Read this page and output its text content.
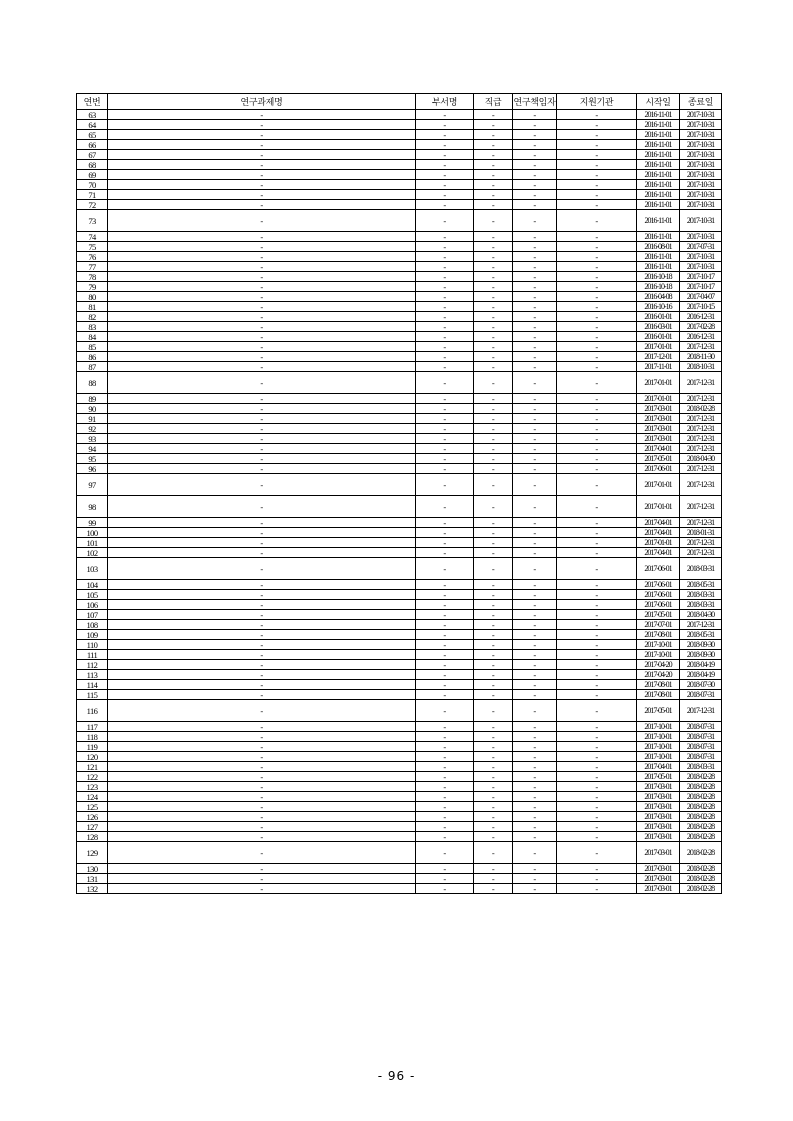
연번	연구과제명	부서명	직급	연구책임자	지원기관	시작일	종료일
63	-	-	-	-	-	2016-11-01	2017-10-31
64	-	-	-	-	-	2016-11-01	2017-10-31
65	-	-	-	-	-	2016-11-01	2017-10-31
66	-	-	-	-	-	2016-11-01	2017-10-31
67	-	-	-	-	-	2016-11-01	2017-10-31
68	-	-	-	-	-	2016-11-01	2017-10-31
69	-	-	-	-	-	2016-11-01	2017-10-31
70	-	-	-	-	-	2016-11-01	2017-10-31
71	-	-	-	-	-	2016-11-01	2017-10-31
72	-	-	-	-	-	2016-11-01	2017-10-31
73	-	-	-	-	-	2016-11-01	2017-10-31
74	-	-	-	-	-	2016-11-01	2017-10-31
75	-	-	-	-	-	2016-08-01	2017-07-31
76	-	-	-	-	-	2016-11-01	2017-10-31
77	-	-	-	-	-	2016-11-01	2017-10-31
78	-	-	-	-	-	2016-10-18	2017-10-17
79	-	-	-	-	-	2016-10-18	2017-10-17
80	-	-	-	-	-	2016-04-08	2017-04-07
81	-	-	-	-	-	2016-10-16	2017-10-15
82	-	-	-	-	-	2016-01-01	2016-12-31
83	-	-	-	-	-	2016-03-01	2017-02-28
84	-	-	-	-	-	2016-01-01	2016-12-31
85	-	-	-	-	-	2017-01-01	2017-12-31
86	-	-	-	-	-	2017-12-01	2018-11-30
87	-	-	-	-	-	2017-11-01	2018-10-31
88	-	-	-	-	-	2017-01-01	2017-12-31
89	-	-	-	-	-	2017-01-01	2017-12-31
90	-	-	-	-	-	2017-03-01	2018-02-28
91	-	-	-	-	-	2017-03-01	2017-12-31
92	-	-	-	-	-	2017-03-01	2017-12-31
93	-	-	-	-	-	2017-03-01	2017-12-31
94	-	-	-	-	-	2017-04-01	2017-12-31
95	-	-	-	-	-	2017-05-01	2018-04-30
96	-	-	-	-	-	2017-06-01	2017-12-31
97	-	-	-	-	-	2017-01-01	2017-12-31
98	-	-	-	-	-	2017-01-01	2017-12-31
99	-	-	-	-	-	2017-04-01	2017-12-31
100	-	-	-	-	-	2017-04-01	2018-01-31
101	-	-	-	-	-	2017-01-01	2017-12-31
102	-	-	-	-	-	2017-04-01	2017-12-31
103	-	-	-	-	-	2017-06-01	2018-03-31
104	-	-	-	-	-	2017-06-01	2018-05-31
105	-	-	-	-	-	2017-06-01	2018-03-31
106	-	-	-	-	-	2017-06-01	2018-03-31
107	-	-	-	-	-	2017-05-01	2018-04-30
108	-	-	-	-	-	2017-07-01	2017-12-31
109	-	-	-	-	-	2017-08-01	2018-05-31
110	-	-	-	-	-	2017-10-01	2018-09-30
111	-	-	-	-	-	2017-10-01	2018-09-30
112	-	-	-	-	-	2017-04-20	2018-04-19
113	-	-	-	-	-	2017-04-20	2018-04-19
114	-	-	-	-	-	2017-08-01	2018-07-30
115	-	-	-	-	-	2017-08-01	2018-07-31
116	-	-	-	-	-	2017-05-01	2017-12-31
117	-	-	-	-	-	2017-10-01	2018-07-31
118	-	-	-	-	-	2017-10-01	2018-07-31
119	-	-	-	-	-	2017-10-01	2018-07-31
120	-	-	-	-	-	2017-10-01	2018-07-31
121	-	-	-	-	-	2017-04-01	2018-03-31
122	-	-	-	-	-	2017-05-01	2018-02-28
123	-	-	-	-	-	2017-03-01	2018-02-28
124	-	-	-	-	-	2017-03-01	2018-02-28
125	-	-	-	-	-	2017-03-01	2018-02-28
126	-	-	-	-	-	2017-03-01	2018-02-28
127	-	-	-	-	-	2017-03-01	2018-02-28
128	-	-	-	-	-	2017-03-01	2018-02-28
129	-	-	-	-	-	2017-03-01	2018-02-28
130	-	-	-	-	-	2017-03-01	2018-02-28
131	-	-	-	-	-	2017-03-01	2018-02-28
132	-	-	-	-	-	2017-03-01	2018-02-28
- 96 -
